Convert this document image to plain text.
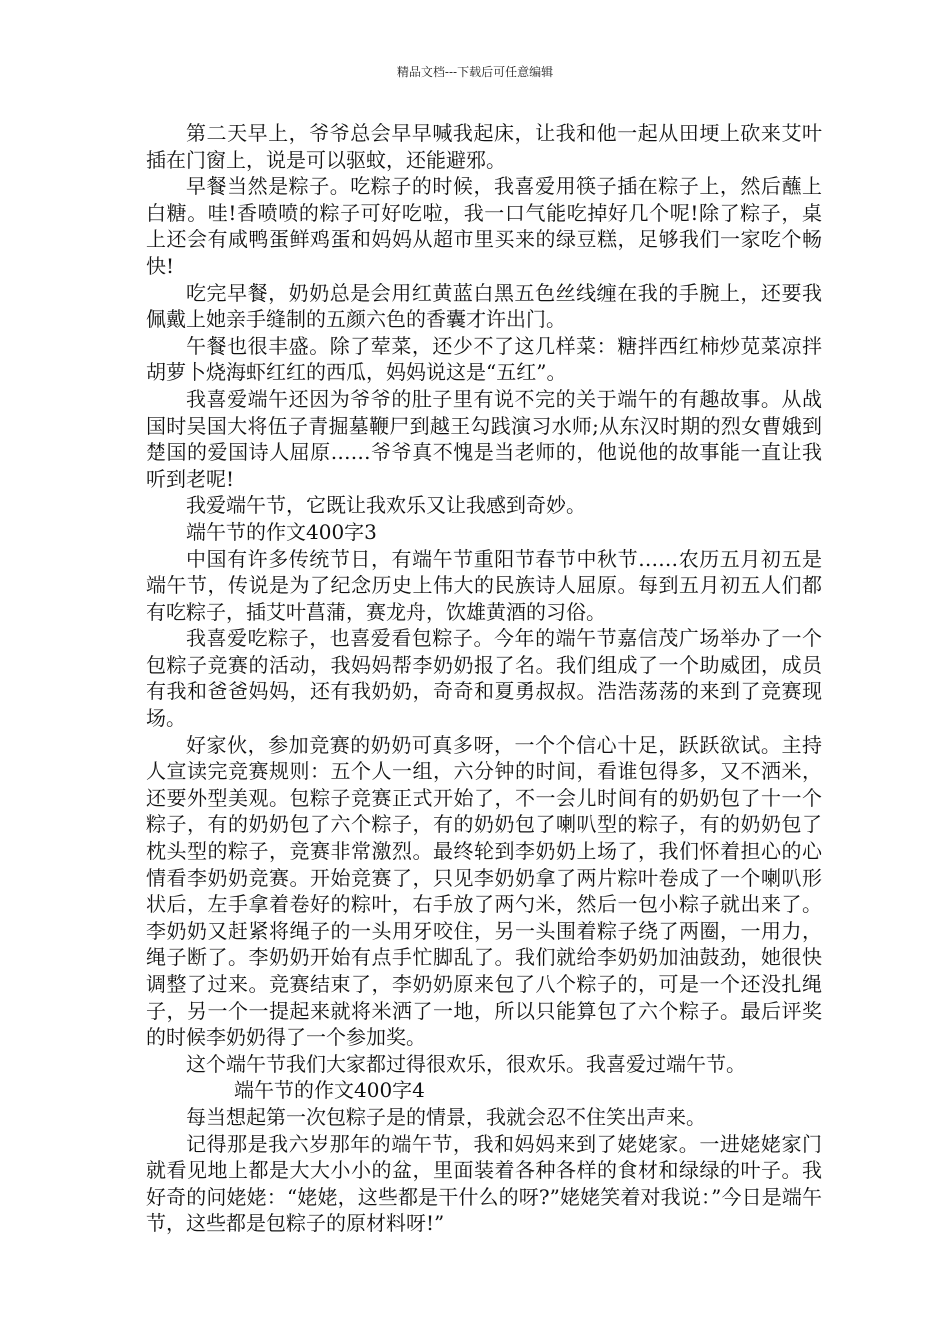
精品文档---下载后可任意编辑

第二天早上，爷爷总会早早喊我起床，让我和他一起从田埂上砍来艾叶插在门窗上，说是可以驱蚊，还能避邪。

早餐当然是粽子。吃粽子的时候，我喜爱用筷子插在粽子上，然后蘸上白糖。哇!香喷喷的粽子可好吃啦，我一口气能吃掉好几个呢!除了粽子，桌上还会有咸鸭蛋鲜鸡蛋和妈妈从超市里买来的绿豆糕，足够我们一家吃个畅快!

吃完早餐，奶奶总是会用红黄蓝白黑五色丝线缠在我的手腕上，还要我佩戴上她亲手缝制的五颜六色的香囊才许出门。

午餐也很丰盛。除了荤菜，还少不了这几样菜：糖拌西红柿炒苋菜凉拌胡萝卜烧海虾红红的西瓜，妈妈说这是“五红”。

我喜爱端午还因为爷爷的肚子里有说不完的关于端午的有趣故事。从战国时吴国大将伍子青掘墓鞭尸到越王勾践演习水师;从东汉时期的烈女曹娥到楚国的爱国诗人屈原……爷爷真不愧是当老师的，他说他的故事能一直让我听到老呢!

我爱端午节，它既让我欢乐又让我感到奇妙。

端午节的作文400字3

中国有许多传统节日，有端午节重阳节春节中秋节……农历五月初五是端午节，传说是为了纪念历史上伟大的民族诗人屈原。每到五月初五人们都有吃粽子，插艾叶菖蒲，赛龙舟，饮雄黄酒的习俗。

我喜爱吃粽子，也喜爱看包粽子。今年的端午节嘉信茂广场举办了一个包粽子竞赛的活动，我妈妈帮李奶奶报了名。我们组成了一个助威团，成员有我和爸爸妈妈，还有我奶奶，奇奇和夏勇叔叔。浩浩荡荡的来到了竞赛现场。

好家伙，参加竞赛的奶奶可真多呀，一个个信心十足，跃跃欲试。主持人宣读完竞赛规则：五个人一组，六分钟的时间，看谁包得多，又不洒米，还要外型美观。包粽子竞赛正式开始了，不一会儿时间有的奶奶包了十一个粽子，有的奶奶包了六个粽子，有的奶奶包了喇叭型的粽子，有的奶奶包了枕头型的粽子，竞赛非常激烈。最终轮到李奶奶上场了，我们怀着担心的心情看李奶奶竞赛。开始竞赛了，只见李奶奶拿了两片粽叶卷成了一个喇叭形状后，左手拿着卷好的粽叶，右手放了两勺米，然后一包小粽子就出来了。李奶奶又赶紧将绳子的一头用牙咬住，另一头围着粽子绕了两圈，一用力，绳子断了。李奶奶开始有点手忙脚乱了。我们就给李奶奶加油鼓劲，她很快调整了过来。竞赛结束了，李奶奶原来包了八个粽子的，可是一个还没扎绳子，另一个一提起来就将米洒了一地，所以只能算包了六个粽子。最后评奖的时候李奶奶得了一个参加奖。

这个端午节我们大家都过得很欢乐，很欢乐。我喜爱过端午节。

端午节的作文400字4

每当想起第一次包粽子是的情景，我就会忍不住笑出声来。

记得那是我六岁那年的端午节，我和妈妈来到了姥姥家。一进姥姥家门就看见地上都是大大小小的盆，里面装着各种各样的食材和绿绿的叶子。我好奇的问姥姥：“姥姥，这些都是干什么的呀?”姥姥笑着对我说：”今日是端午节，这些都是包粽子的原材料呀!”
